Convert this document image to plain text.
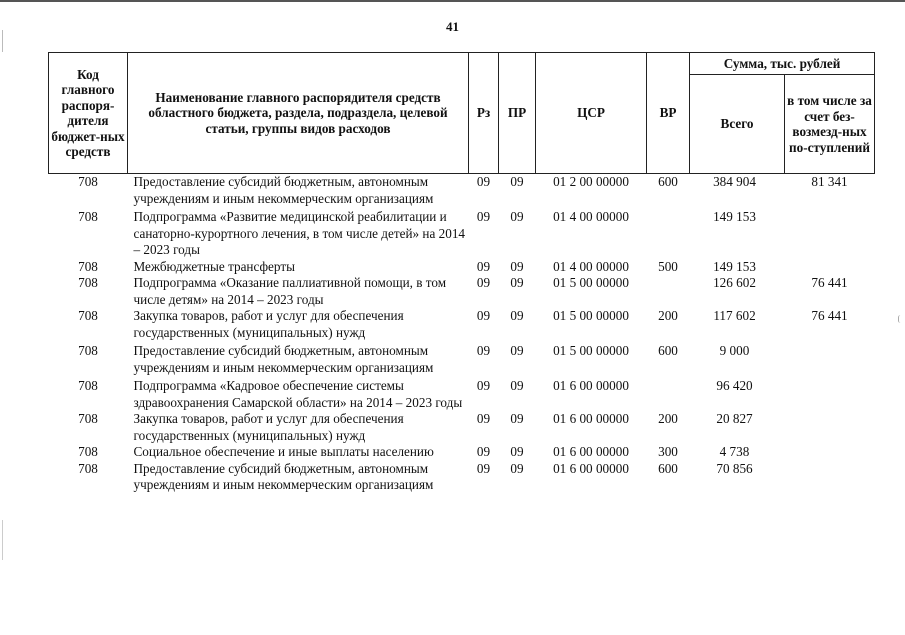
41
Код главного распоря-дителя бюджет-ных средств	Наименование главного распорядителя средств областного бюджета, раздела, подраздела, целевой статьи, группы видов расходов	Рз	ПР	ЦСР	ВР	Сумма, тыс. рублей	
						Всего	в том числе за счет без-возмезд-ных по-ступлений
708	Предоставление субсидий бюджетным, автономным учреждениям и иным некоммерческим организациям	09	09	01 2 00 00000	600	384 904	81 341
708	Подпрограмма «Развитие медицинской реабилитации и санаторно-курортного лечения, в том числе детей» на 2014 – 2023 годы	09	09	01 4 00 00000		149 153	
708	Межбюджетные трансферты	09	09	01 4 00 00000	500	149 153	
708	Подпрограмма «Оказание паллиативной помощи, в том числе детям» на 2014 – 2023 годы	09	09	01 5 00 00000		126 602	76 441
708	Закупка товаров, работ и услуг для обеспечения государственных (муниципальных) нужд	09	09	01 5 00 00000	200	117 602	76 441
708	Предоставление субсидий бюджетным, автономным учреждениям и иным некоммерческим организациям	09	09	01 5 00 00000	600	9 000	
708	Подпрограмма «Кадровое обеспечение системы здравоохранения Самарской области» на 2014 – 2023 годы	09	09	01 6 00 00000		96 420	
708	Закупка товаров, работ и услуг для обеспечения государственных (муниципальных) нужд	09	09	01 6 00 00000	200	20 827	
708	Социальное обеспечение и иные выплаты населению	09	09	01 6 00 00000	300	4 738	
708	Предоставление субсидий бюджетным, автономным учреждениям и иным некоммерческим организациям	09	09	01 6 00 00000	600	70 856	
